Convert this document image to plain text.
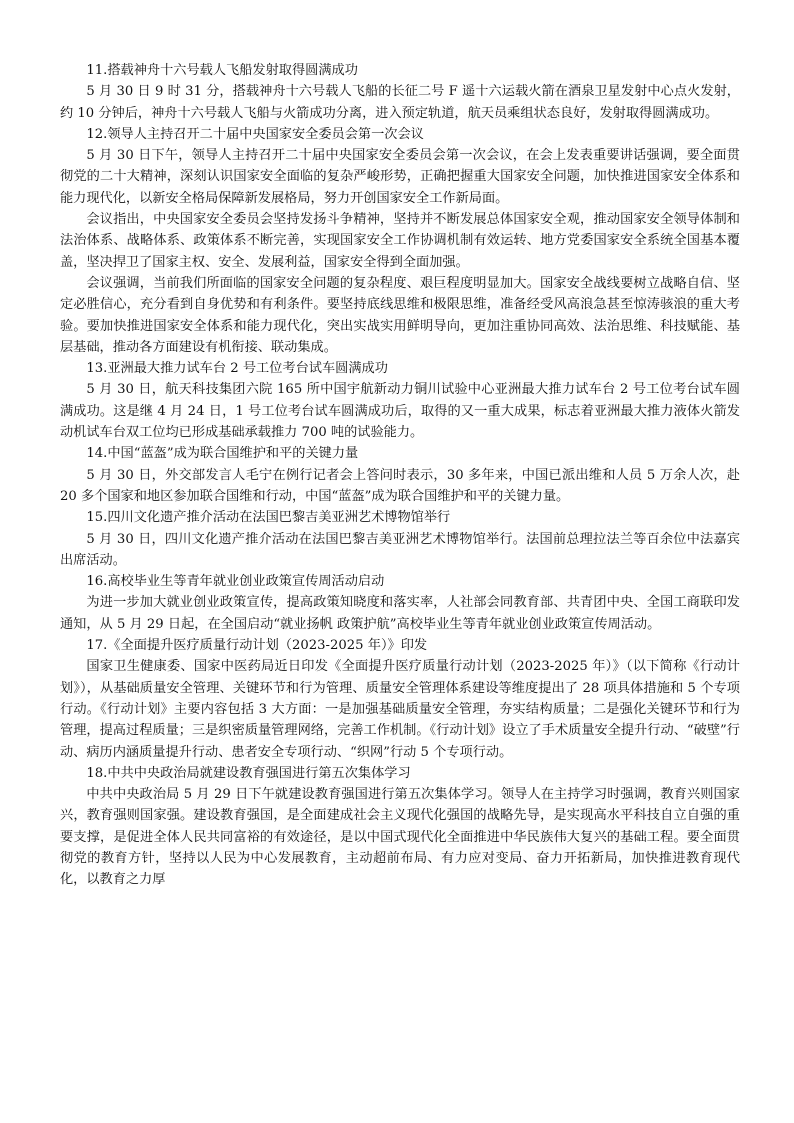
11.搭载神舟十六号载人飞船发射取得圆满成功

5 月 30 日 9 时 31 分，搭载神舟十六号载人飞船的长征二号 F 遥十六运载火箭在酒泉卫星发射中心点火发射，约 10 分钟后，神舟十六号载人飞船与火箭成功分离，进入预定轨道，航天员乘组状态良好，发射取得圆满成功。

12.领导人主持召开二十届中央国家安全委员会第一次会议

5 月 30 日下午，领导人主持召开二十届中央国家安全委员会第一次会议，在会上发表重要讲话强调，要全面贯彻党的二十大精神，深刻认识国家安全面临的复杂严峻形势，正确把握重大国家安全问题，加快推进国家安全体系和能力现代化，以新安全格局保障新发展格局，努力开创国家安全工作新局面。

会议指出，中央国家安全委员会坚持发扬斗争精神，坚持并不断发展总体国家安全观，推动国家安全领导体制和法治体系、战略体系、政策体系不断完善，实现国家安全工作协调机制有效运转、地方党委国家安全系统全国基本覆盖，坚决捍卫了国家主权、安全、发展利益，国家安全得到全面加强。

会议强调，当前我们所面临的国家安全问题的复杂程度、艰巨程度明显加大。国家安全战线要树立战略自信、坚定必胜信心，充分看到自身优势和有利条件。要坚持底线思维和极限思维，准备经受风高浪急甚至惊涛骇浪的重大考验。要加快推进国家安全体系和能力现代化，突出实战实用鲜明导向，更加注重协同高效、法治思维、科技赋能、基层基础，推动各方面建设有机衔接、联动集成。

13.亚洲最大推力试车台 2 号工位考台试车圆满成功

5 月 30 日，航天科技集团六院 165 所中国宇航新动力铜川试验中心亚洲最大推力试车台 2 号工位考台试车圆满成功。这是继 4 月 24 日，1 号工位考台试车圆满成功后，取得的又一重大成果，标志着亚洲最大推力液体火箭发动机试车台双工位均已形成基础承载推力 700 吨的试验能力。

14.中国“蓝盔”成为联合国维护和平的关键力量

5 月 30 日，外交部发言人毛宁在例行记者会上答问时表示，30 多年来，中国已派出维和人员 5 万余人次，赴 20 多个国家和地区参加联合国维和行动，中国“蓝盔”成为联合国维护和平的关键力量。

15.四川文化遗产推介活动在法国巴黎吉美亚洲艺术博物馆举行

5 月 30 日，四川文化遗产推介活动在法国巴黎吉美亚洲艺术博物馆举行。法国前总理拉法兰等百余位中法嘉宾出席活动。

16.高校毕业生等青年就业创业政策宣传周活动启动

为进一步加大就业创业政策宣传，提高政策知晓度和落实率，人社部会同教育部、共青团中央、全国工商联印发通知，从 5 月 29 日起，在全国启动“就业扬帆 政策护航”高校毕业生等青年就业创业政策宣传周活动。

17.《全面提升医疗质量行动计划（2023-2025 年）》印发

国家卫生健康委、国家中医药局近日印发《全面提升医疗质量行动计划（2023-2025 年）》（以下简称《行动计划》），从基础质量安全管理、关键环节和行为管理、质量安全管理体系建设等维度提出了 28 项具体措施和 5 个专项行动。《行动计划》主要内容包括 3 大方面：一是加强基础质量安全管理，夯实结构质量；二是强化关键环节和行为管理，提高过程质量；三是织密质量管理网络，完善工作机制。《行动计划》设立了手术质量安全提升行动、“破壁”行动、病历内涵质量提升行动、患者安全专项行动、“织网”行动 5 个专项行动。

18.中共中央政治局就建设教育强国进行第五次集体学习

中共中央政治局 5 月 29 日下午就建设教育强国进行第五次集体学习。领导人在主持学习时强调，教育兴则国家兴，教育强则国家强。建设教育强国，是全面建成社会主义现代化强国的战略先导，是实现高水平科技自立自强的重要支撑，是促进全体人民共同富裕的有效途径，是以中国式现代化全面推进中华民族伟大复兴的基础工程。要全面贯彻党的教育方针，坚持以人民为中心发展教育，主动超前布局、有力应对变局、奋力开拓新局，加快推进教育现代化，以教育之力厚
